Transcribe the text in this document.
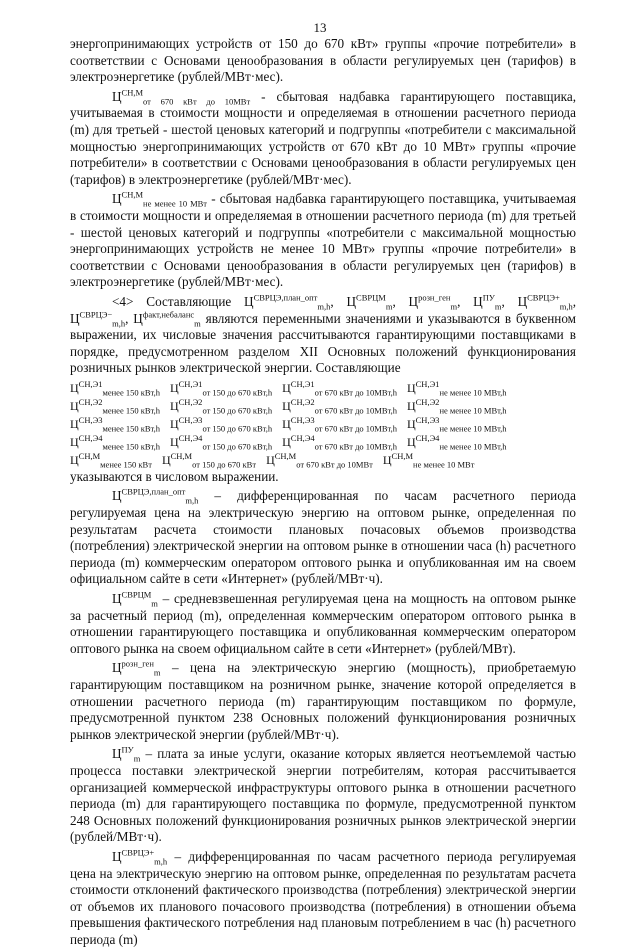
13

энергопринимающих устройств от 150 до 670 кВт» группы «прочие потребители» в соответствии с Основами ценообразования в области регулируемых цен (тарифов) в электроэнергетике (рублей/МВт·мес).

$Ц^{СН,М}_{от 670 кВт до 10МВт}$ - сбытовая надбавка гарантирующего поставщика, учитываемая в стоимости мощности и определяемая в отношении расчетного периода (m) для третьей - шестой ценовых категорий и подгруппы «потребители с максимальной мощностью энергопринимающих устройств от 670 кВт до 10 МВт» группы «прочие потребители» в соответствии с Основами ценообразования в области регулируемых цен (тарифов) в электроэнергетике (рублей/МВт·мес).

$Ц^{СН,М}_{не менее 10 МВт}$ - сбытовая надбавка гарантирующего поставщика, учитываемая в стоимости мощности и определяемая в отношении расчетного периода (m) для третьей - шестой ценовых категорий и подгруппы «потребители с максимальной мощностью энергопринимающих устройств не менее 10 МВт» группы «прочие потребители» в соответствии с Основами ценообразования в области регулируемых цен (тарифов) в электроэнергетике (рублей/МВт·мес).

<4> Составляющие $Ц^{СВРЦЭ,план\_опт}_{m,h}$, $Ц^{СВРЦМ}_m$, $Ц^{розн\_ген}_m$, $Ц^{ПУ}_m$, $Ц^{СВРЦЭ+}_{m,h}$, $Ц^{СВРЦЭ-}_{m,h}$, $Ц^{факт,небаланс}_m$ являются переменными значениями и указываются в буквенном выражении, их числовые значения рассчитываются гарантирующими поставщиками в порядке, предусмотренном разделом XII Основных положений функционирования розничных рынков электрической энергии. Составляющие

$Ц^{СН,Э1}_{менее 150 кВт,h}$ $Ц^{СН,Э1}_{от 150 до 670 кВт,h}$ $Ц^{СН,Э1}_{от 670 кВт до 10МВт,h}$ $Ц^{СН,Э1}_{не менее 10 МВт,h}Ц^{СН,Э2}_{менее 150 кВт,h}$ $Ц^{СН,Э2}_{от 150 до 670 кВт,h}$ $Ц^{СН,Э2}_{от 670 кВт до 10МВт,h}$ $Ц^{СН,Э2}_{не менее 10 МВт,h}Ц^{СН,Э3}_{менее 150 кВт,h}$ $Ц^{СН,Э3}_{от 150 до 670 кВт,h}$ $Ц^{СН,Э3}_{от 670 кВт до 10МВт,h}$ $Ц^{СН,Э3}_{не менее 10 МВт,h}Ц^{СН,Э4}_{менее 150 кВт,h}$ $Ц^{СН,Э4}_{от 150 до 670 кВт,h}$ $Ц^{СН,Э4}_{от 670 кВт до 10МВт,h}$ $Ц^{СН,Э4}_{не менее 10 МВт,h}Ц^{СН,М}_{менее 150 кВт}$ $Ц^{СН,М}_{от 150 до 670 кВт}$ $Ц^{СН,М}_{от 670 кВт до 10МВт}$ $Ц^{СН,М}_{не менее 10 МВт}$

указываются в числовом выражении.

$Ц^{СВРЦЭ,план\_опт}_{m,h}$ – дифференцированная по часам расчетного периода регулируемая цена на электрическую энергию на оптовом рынке, определенная по результатам расчета стоимости плановых почасовых объемов производства (потребления) электрической энергии на оптовом рынке в отношении часа (h) расчетного периода (m) коммерческим оператором оптового рынка и опубликованная им на своем официальном сайте в сети «Интернет» (рублей/МВт·ч).

$Ц^{СВРЦМ}_m$ – средневзвешенная регулируемая цена на мощность на оптовом рынке за расчетный период (m), определенная коммерческим оператором оптового рынка в отношении гарантирующего поставщика и опубликованная коммерческим оператором оптового рынка на своем официальном сайте в сети «Интернет» (рублей/МВт).

$Ц^{розн\_ген}_m$ – цена на электрическую энергию (мощность), приобретаемую гарантирующим поставщиком на розничном рынке, значение которой определяется в отношении расчетного периода (m) гарантирующим поставщиком по формуле, предусмотренной пунктом 238 Основных положений функционирования розничных рынков электрической энергии (рублей/МВт·ч).

$Ц^{ПУ}_m$ – плата за иные услуги, оказание которых является неотъемлемой частью процесса поставки электрической энергии потребителям, которая рассчитывается организацией коммерческой инфраструктуры оптового рынка в отношении расчетного периода (m) для гарантирующего поставщика по формуле, предусмотренной пунктом 248 Основных положений функционирования розничных рынков электрической энергии (рублей/МВт·ч).

$Ц^{СВРЦЭ+}_{m,h}$ – дифференцированная по часам расчетного периода регулируемая цена на электрическую энергию на оптовом рынке, определенная по результатам расчета стоимости отклонений фактического производства (потребления) электрической энергии от объемов их планового почасового производства (потребления) в отношении объема превышения фактического потребления над плановым потреблением в час (h) расчетного периода (m)
